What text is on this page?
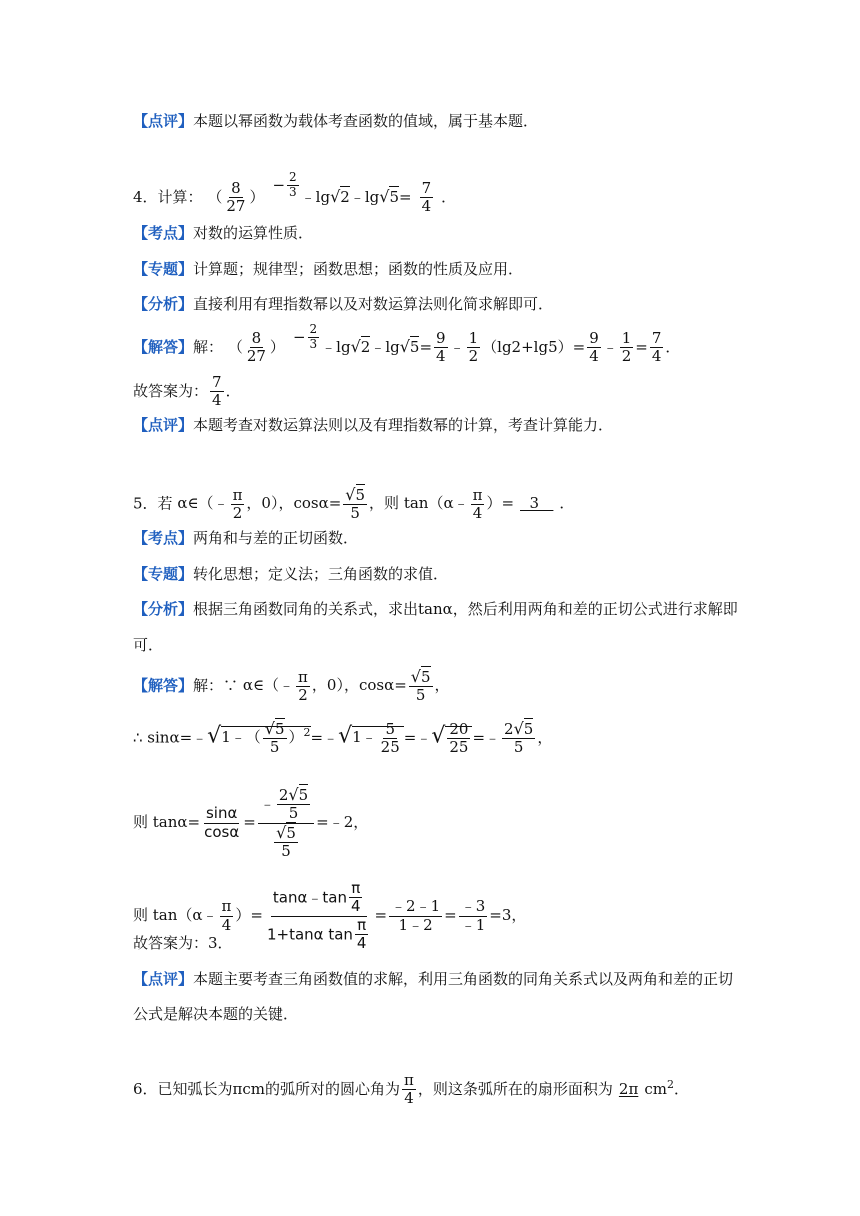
【点评】本题以幂函数为载体考查函数的值域，属于基本题．
4．计算： （ $\frac{8}{27}$ ）− $\frac{2}{3}$ ﹣lg√2﹣lg√5= $\frac{7}{4}$ ．
【考点】对数的运算性质．
【专题】计算题；规律型；函数思想；函数的性质及应用．
【分析】直接利用有理指数幂以及对数运算法则化简求解即可．
【解答】解： （ $\frac{8}{27}$ ）− $\frac{2}{3}$ ﹣lg√2﹣lg√5= $\frac{9}{4}$ ﹣ $\frac{1}{2} (\lg 2+\lg 5)= \frac{9}{4}$ ﹣ $\frac{1}{2} = \frac{7}{4}$ ．
故答案为： $\frac{7}{4}$ ．
【点评】本题考查对数运算法则以及有理指数幂的计算，考查计算能力．
5．若 α∈（﹣ $\frac{\pi}{2}$ ，0），$\cos\alpha= \frac{√5}{5}$ ，则 tan（α﹣ $\frac{\pi}{4}$ ）=  3   ．
【考点】两角和与差的正切函数．
【专题】转化思想；定义法；三角函数的求值．
【分析】根据三角函数同角的关系式，求出tanα，然后利用两角和差的正切公式进行求解即
可．
【解答】解：∵ α∈（﹣ $\frac{\pi}{2}$ ，0），$\cos\alpha= \frac{√5}{5}$ ，
∴ sinα=﹣√1﹣（ $\frac{√5}{5}$ ）$^2$=﹣√1﹣ $\frac{5}{25}$ =﹣√ $\frac{20}{25}$ =﹣ $\frac{2√5}{5}$ ，
则 $\tan\alpha= \frac{\sin\alpha}{\cos\alpha} = \frac{﹣ \frac{2√5}{5}}{\frac{√5}{5}}$ =﹣2，
则 tan（α﹣ $\frac{\pi}{4}$ ）= $\frac{\tan\alpha﹣\tan \frac{\pi}{4}}{1+\tan\alpha \tan \frac{\pi}{4}} = \frac{﹣2﹣1}{1﹣2} = \frac{﹣3}{﹣1} =3$，
故答案为：3．
【点评】本题主要考查三角函数值的求解，利用三角函数的同角关系式以及两角和差的正切
公式是解决本题的关键．
6．已知弧长为πcm的弧所对的圆心角为 $\frac{\pi}{4}$ ，则这条弧所在的扇形面积为 2π $cm^2$．
